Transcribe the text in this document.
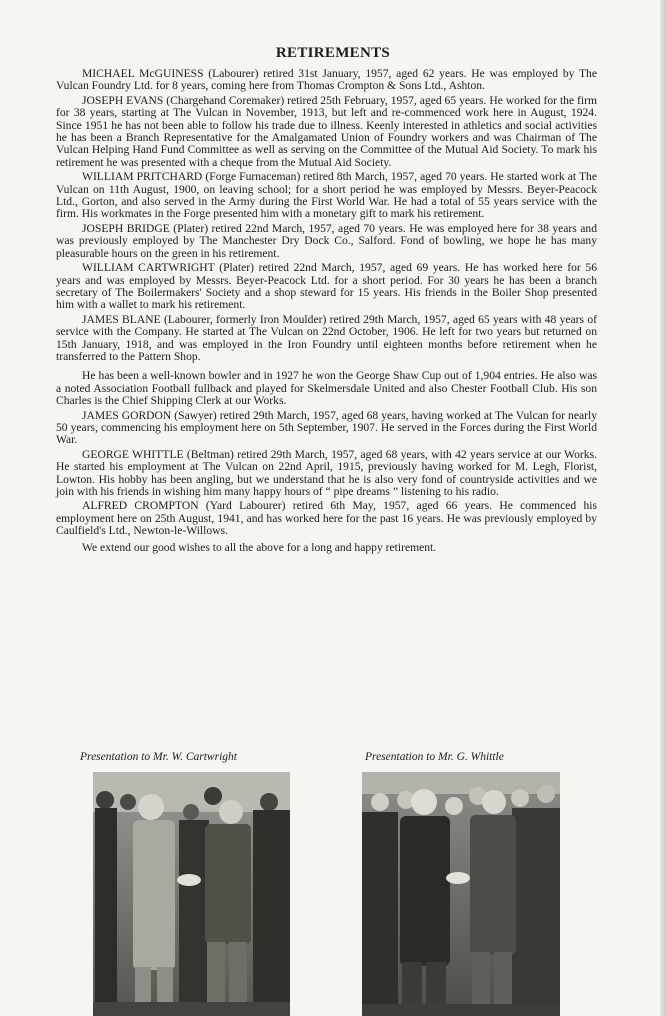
RETIREMENTS

MICHAEL McGUINESS (Labourer) retired 31st January, 1957, aged 62 years. He was employed by The Vulcan Foundry Ltd. for 8 years, coming here from Thomas Crompton & Sons Ltd., Ashton.

JOSEPH EVANS (Chargehand Coremaker) retired 25th February, 1957, aged 65 years. He worked for the firm for 38 years, starting at The Vulcan in November, 1913, but left and re-commenced work here in August, 1924. Since 1951 he has not been able to follow his trade due to illness. Keenly interested in athletics and social activities he has been a Branch Representative for the Amalgamated Union of Foundry workers and was Chairman of The Vulcan Helping Hand Fund Committee as well as serving on the Committee of the Mutual Aid Society. To mark his retirement he was presented with a cheque from the Mutual Aid Society.

WILLIAM PRITCHARD (Forge Furnaceman) retired 8th March, 1957, aged 70 years. He started work at The Vulcan on 11th August, 1900, on leaving school; for a short period he was employed by Messrs. Beyer-Peacock Ltd., Gorton, and also served in the Army during the First World War. He had a total of 55 years service with the firm. His workmates in the Forge presented him with a monetary gift to mark his retirement.

JOSEPH BRIDGE (Plater) retired 22nd March, 1957, aged 70 years. He was employed here for 38 years and was previously employed by The Manchester Dry Dock Co., Salford. Fond of bowling, we hope he has many pleasurable hours on the green in his retirement.

WILLIAM CARTWRIGHT (Plater) retired 22nd March, 1957, aged 69 years. He has worked here for 56 years and was employed by Messrs. Beyer-Peacock Ltd. for a short period. For 30 years he has been a branch secretary of The Boilermakers' Society and a shop steward for 15 years. His friends in the Boiler Shop presented him with a wallet to mark his retirement.

JAMES BLANE (Labourer, formerly Iron Moulder) retired 29th March, 1957, aged 65 years with 48 years of service with the Company. He started at The Vulcan on 22nd October, 1906. He left for two years but returned on 15th January, 1918, and was employed in the Iron Foundry until eighteen months before retirement when he transferred to the Pattern Shop.

He has been a well-known bowler and in 1927 he won the George Shaw Cup out of 1,904 entries. He also was a noted Association Football fullback and played for Skelmersdale United and also Chester Football Club. His son Charles is the Chief Shipping Clerk at our Works.

JAMES GORDON (Sawyer) retired 29th March, 1957, aged 68 years, having worked at The Vulcan for nearly 50 years, commencing his employment here on 5th September, 1907. He served in the Forces during the First World War.

GEORGE WHITTLE (Beltman) retired 29th March, 1957, aged 68 years, with 42 years service at our Works. He started his employment at The Vulcan on 22nd April, 1915, previously having worked for M. Legh, Florist, Lowton. His hobby has been angling, but we understand that he is also very fond of countryside activities and we join with his friends in wishing him many happy hours of “ pipe dreams ” listening to his radio.

ALFRED CROMPTON (Yard Labourer) retired 6th May, 1957, aged 66 years. He commenced his employment here on 25th August, 1941, and has worked here for the past 16 years. He was previously employed by Caulfield's Ltd., Newton-le-Willows.

We extend our good wishes to all the above for a long and happy retirement.

Presentation to Mr. W. Cartwright	Presentation to Mr. G. Whittle
